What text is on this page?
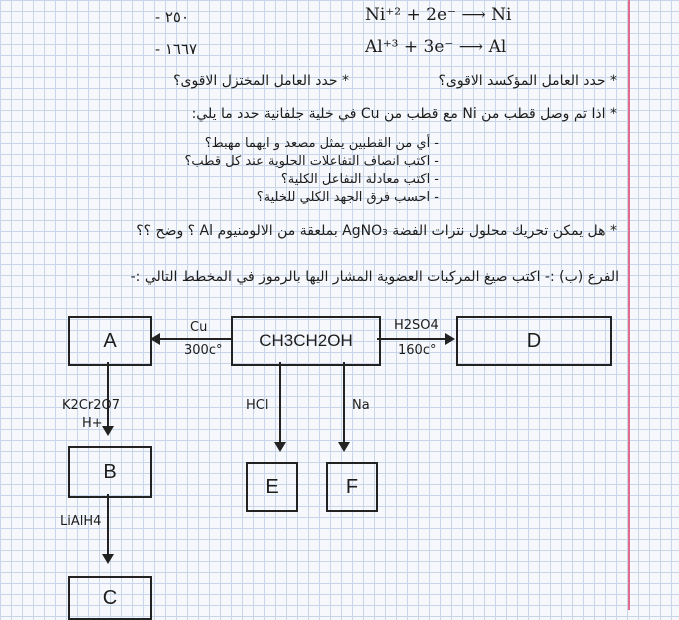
Ni⁺² + 2e⁻ ⟶ Ni
Al⁺³ + 3e⁻ ⟶ Al
- ٢٥٠
- ١٦٦٧
* حدد العامل المؤكسد الاقوى؟
* حدد العامل المختزل الاقوى؟
* اذا تم وصل قطب من Ni مع قطب من Cu في خلية جلفانية حدد ما يلي:
- أي من القطبين يمثل مصعد و ايهما مهبط؟
- اكتب انصاف التفاعلات الحلوية عند كل قطب؟
- اكتب معادلة التفاعل الكلية؟
- احسب فرق الجهد الكلي للخلية؟
* هل يمكن تحريك محلول نترات الفضة AgNO₃ بملعقة من الالومنيوم Al ؟ وضح ؟؟
الفرع (ب) :- اكتب صيغ المركبات العضوية المشار اليها بالرموز في المخطط التالي :-
A	CH3CH2OH	D
B
E	F
C
Cu
300c°
H2SO4
160c°
HCl	Na
K2Cr2O7
H+
LiAlH4
